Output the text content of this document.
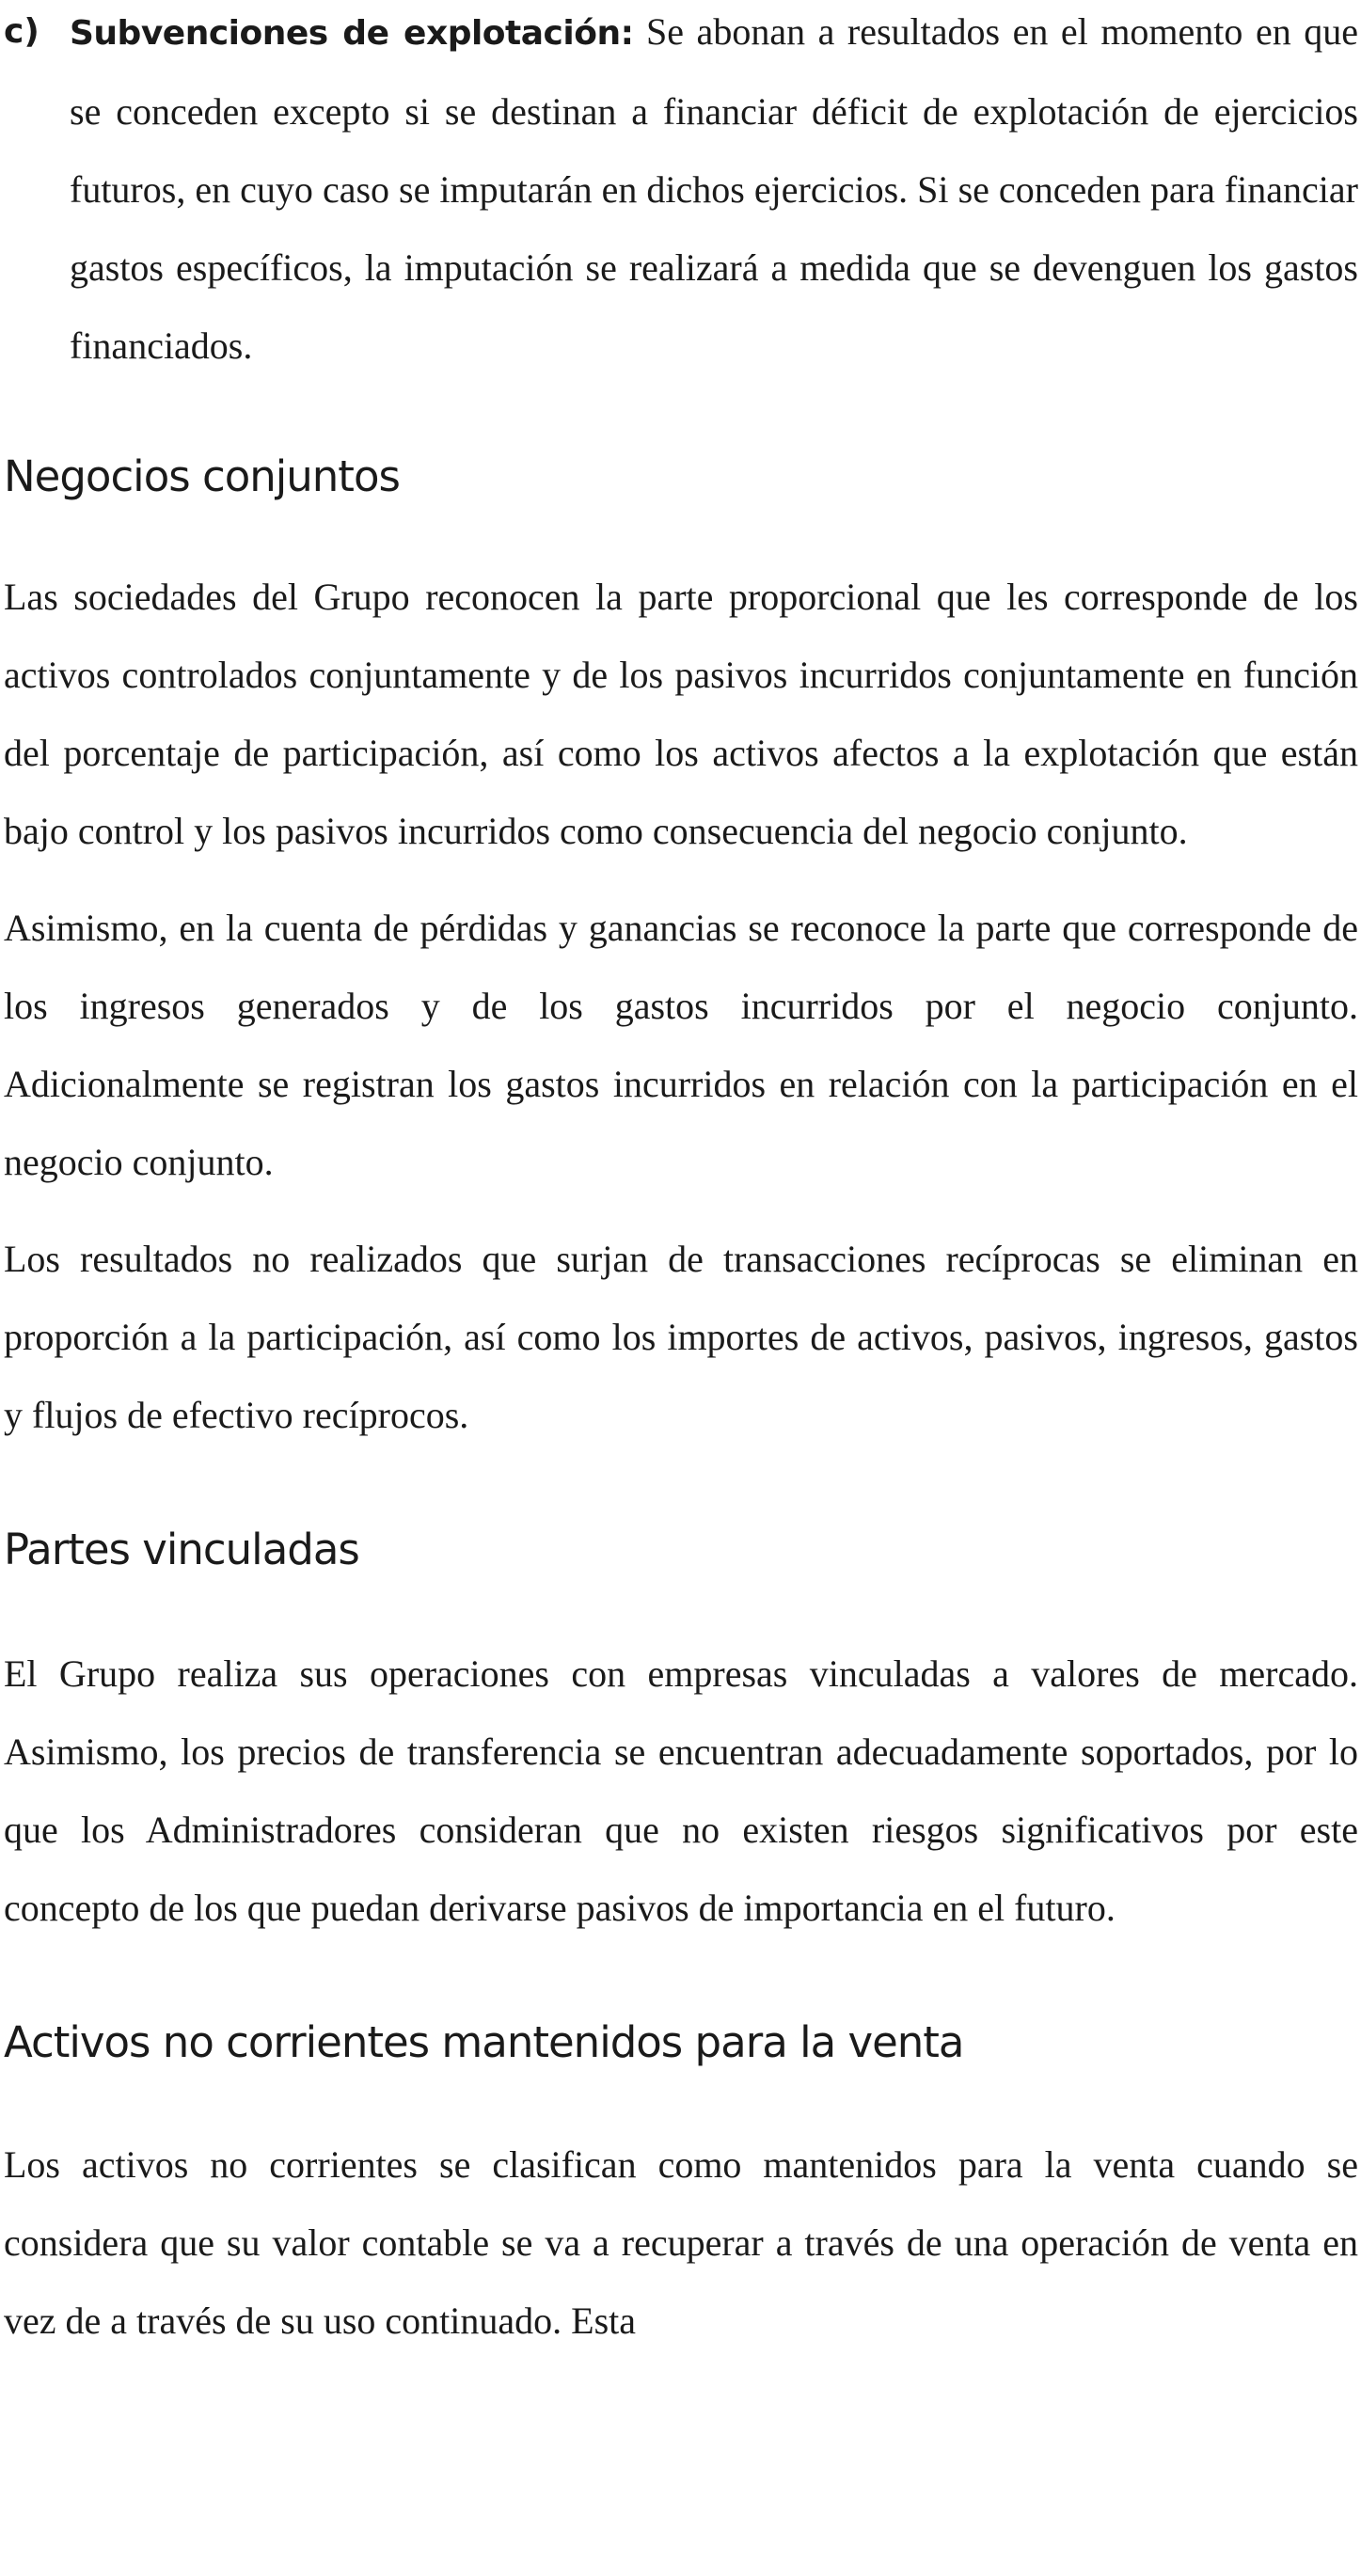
c) Subvenciones de explotación: Se abonan a resultados en el momento en que se conceden excepto si se destinan a financiar déficit de explotación de ejercicios futuros, en cuyo caso se imputarán en dichos ejercicios. Si se conceden para financiar gastos específicos, la imputación se realizará a medida que se devenguen los gastos financiados.

Negocios conjuntos

Las sociedades del Grupo reconocen la parte proporcional que les corresponde de los activos controlados conjuntamente y de los pasivos incurridos conjuntamente en función del porcentaje de participación, así como los activos afectos a la explotación que están bajo control y los pasivos incurridos como consecuencia del negocio conjunto.

Asimismo, en la cuenta de pérdidas y ganancias se reconoce la parte que corresponde de los ingresos generados y de los gastos incurridos por el negocio conjunto. Adicionalmente se registran los gastos incurridos en relación con la participación en el negocio conjunto.

Los resultados no realizados que surjan de transacciones recíprocas se eliminan en proporción a la participación, así como los importes de activos, pasivos, ingresos, gastos y flujos de efectivo recíprocos.

Partes vinculadas

El Grupo realiza sus operaciones con empresas vinculadas a valores de mercado. Asimismo, los precios de transferencia se encuentran adecuadamente soportados, por lo que los Administradores consideran que no existen riesgos significativos por este concepto de los que puedan derivarse pasivos de importancia en el futuro.

Activos no corrientes mantenidos para la venta

Los activos no corrientes se clasifican como mantenidos para la venta cuando se considera que su valor contable se va a recuperar a través de una operación de venta en vez de a través de su uso continuado. Esta
